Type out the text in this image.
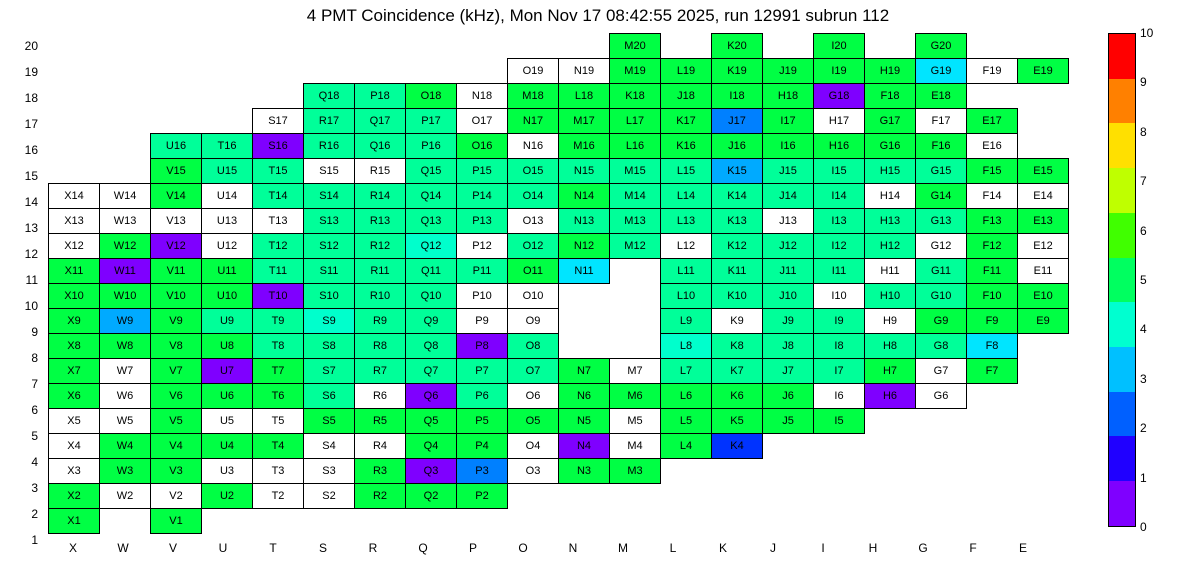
4 PMT Coincidence (kHz), Mon Nov 17 08:42:55 2025, run 12991 subrun 112
20
19
18
17
16
15
14
13
12
11
10
9
8
7
6
5
4
3
2
1
											M20		K20		I20		G20		
									O19	N19	M19	L19	K19	J19	I19	H19	G19	F19	E19
					Q18	P18	O18	N18	M18	L18	K18	J18	I18	H18	G18	F18	E18		
				S17	R17	Q17	P17	O17	N17	M17	L17	K17	J17	I17	H17	G17	F17	E17	
		U16	T16	S16	R16	Q16	P16	O16	N16	M16	L16	K16	J16	I16	H16	G16	F16	E16	
		V15	U15	T15	S15	R15	Q15	P15	O15	N15	M15	L15	K15	J15	I15	H15	G15	F15	E15
X14	W14	V14	U14	T14	S14	R14	Q14	P14	O14	N14	M14	L14	K14	J14	I14	H14	G14	F14	E14
X13	W13	V13	U13	T13	S13	R13	Q13	P13	O13	N13	M13	L13	K13	J13	I13	H13	G13	F13	E13
X12	W12	V12	U12	T12	S12	R12	Q12	P12	O12	N12	M12	L12	K12	J12	I12	H12	G12	F12	E12
X11	W11	V11	U11	T11	S11	R11	Q11	P11	O11	N11		L11	K11	J11	I11	H11	G11	F11	E11
X10	W10	V10	U10	T10	S10	R10	Q10	P10	O10			L10	K10	J10	I10	H10	G10	F10	E10
X9	W9	V9	U9	T9	S9	R9	Q9	P9	O9			L9	K9	J9	I9	H9	G9	F9	E9
X8	W8	V8	U8	T8	S8	R8	Q8	P8	O8			L8	K8	J8	I8	H8	G8	F8	
X7	W7	V7	U7	T7	S7	R7	Q7	P7	O7	N7	M7	L7	K7	J7	I7	H7	G7	F7	
X6	W6	V6	U6	T6	S6	R6	Q6	P6	O6	N6	M6	L6	K6	J6	I6	H6	G6		
X5	W5	V5	U5	T5	S5	R5	Q5	P5	O5	N5	M5	L5	K5	J5	I5				
X4	W4	V4	U4	T4	S4	R4	Q4	P4	O4	N4	M4	L4	K4						
X3	W3	V3	U3	T3	S3	R3	Q3	P3	O3	N3	M3								
X2	W2	V2	U2	T2	S2	R2	Q2	P2											
X1		V1																	
X	W	V	U	T	S	R	Q	P	O	N	M	L	K	J	I	H	G	F	E
0
1
2
3
4
5
6
7
8
9
10
